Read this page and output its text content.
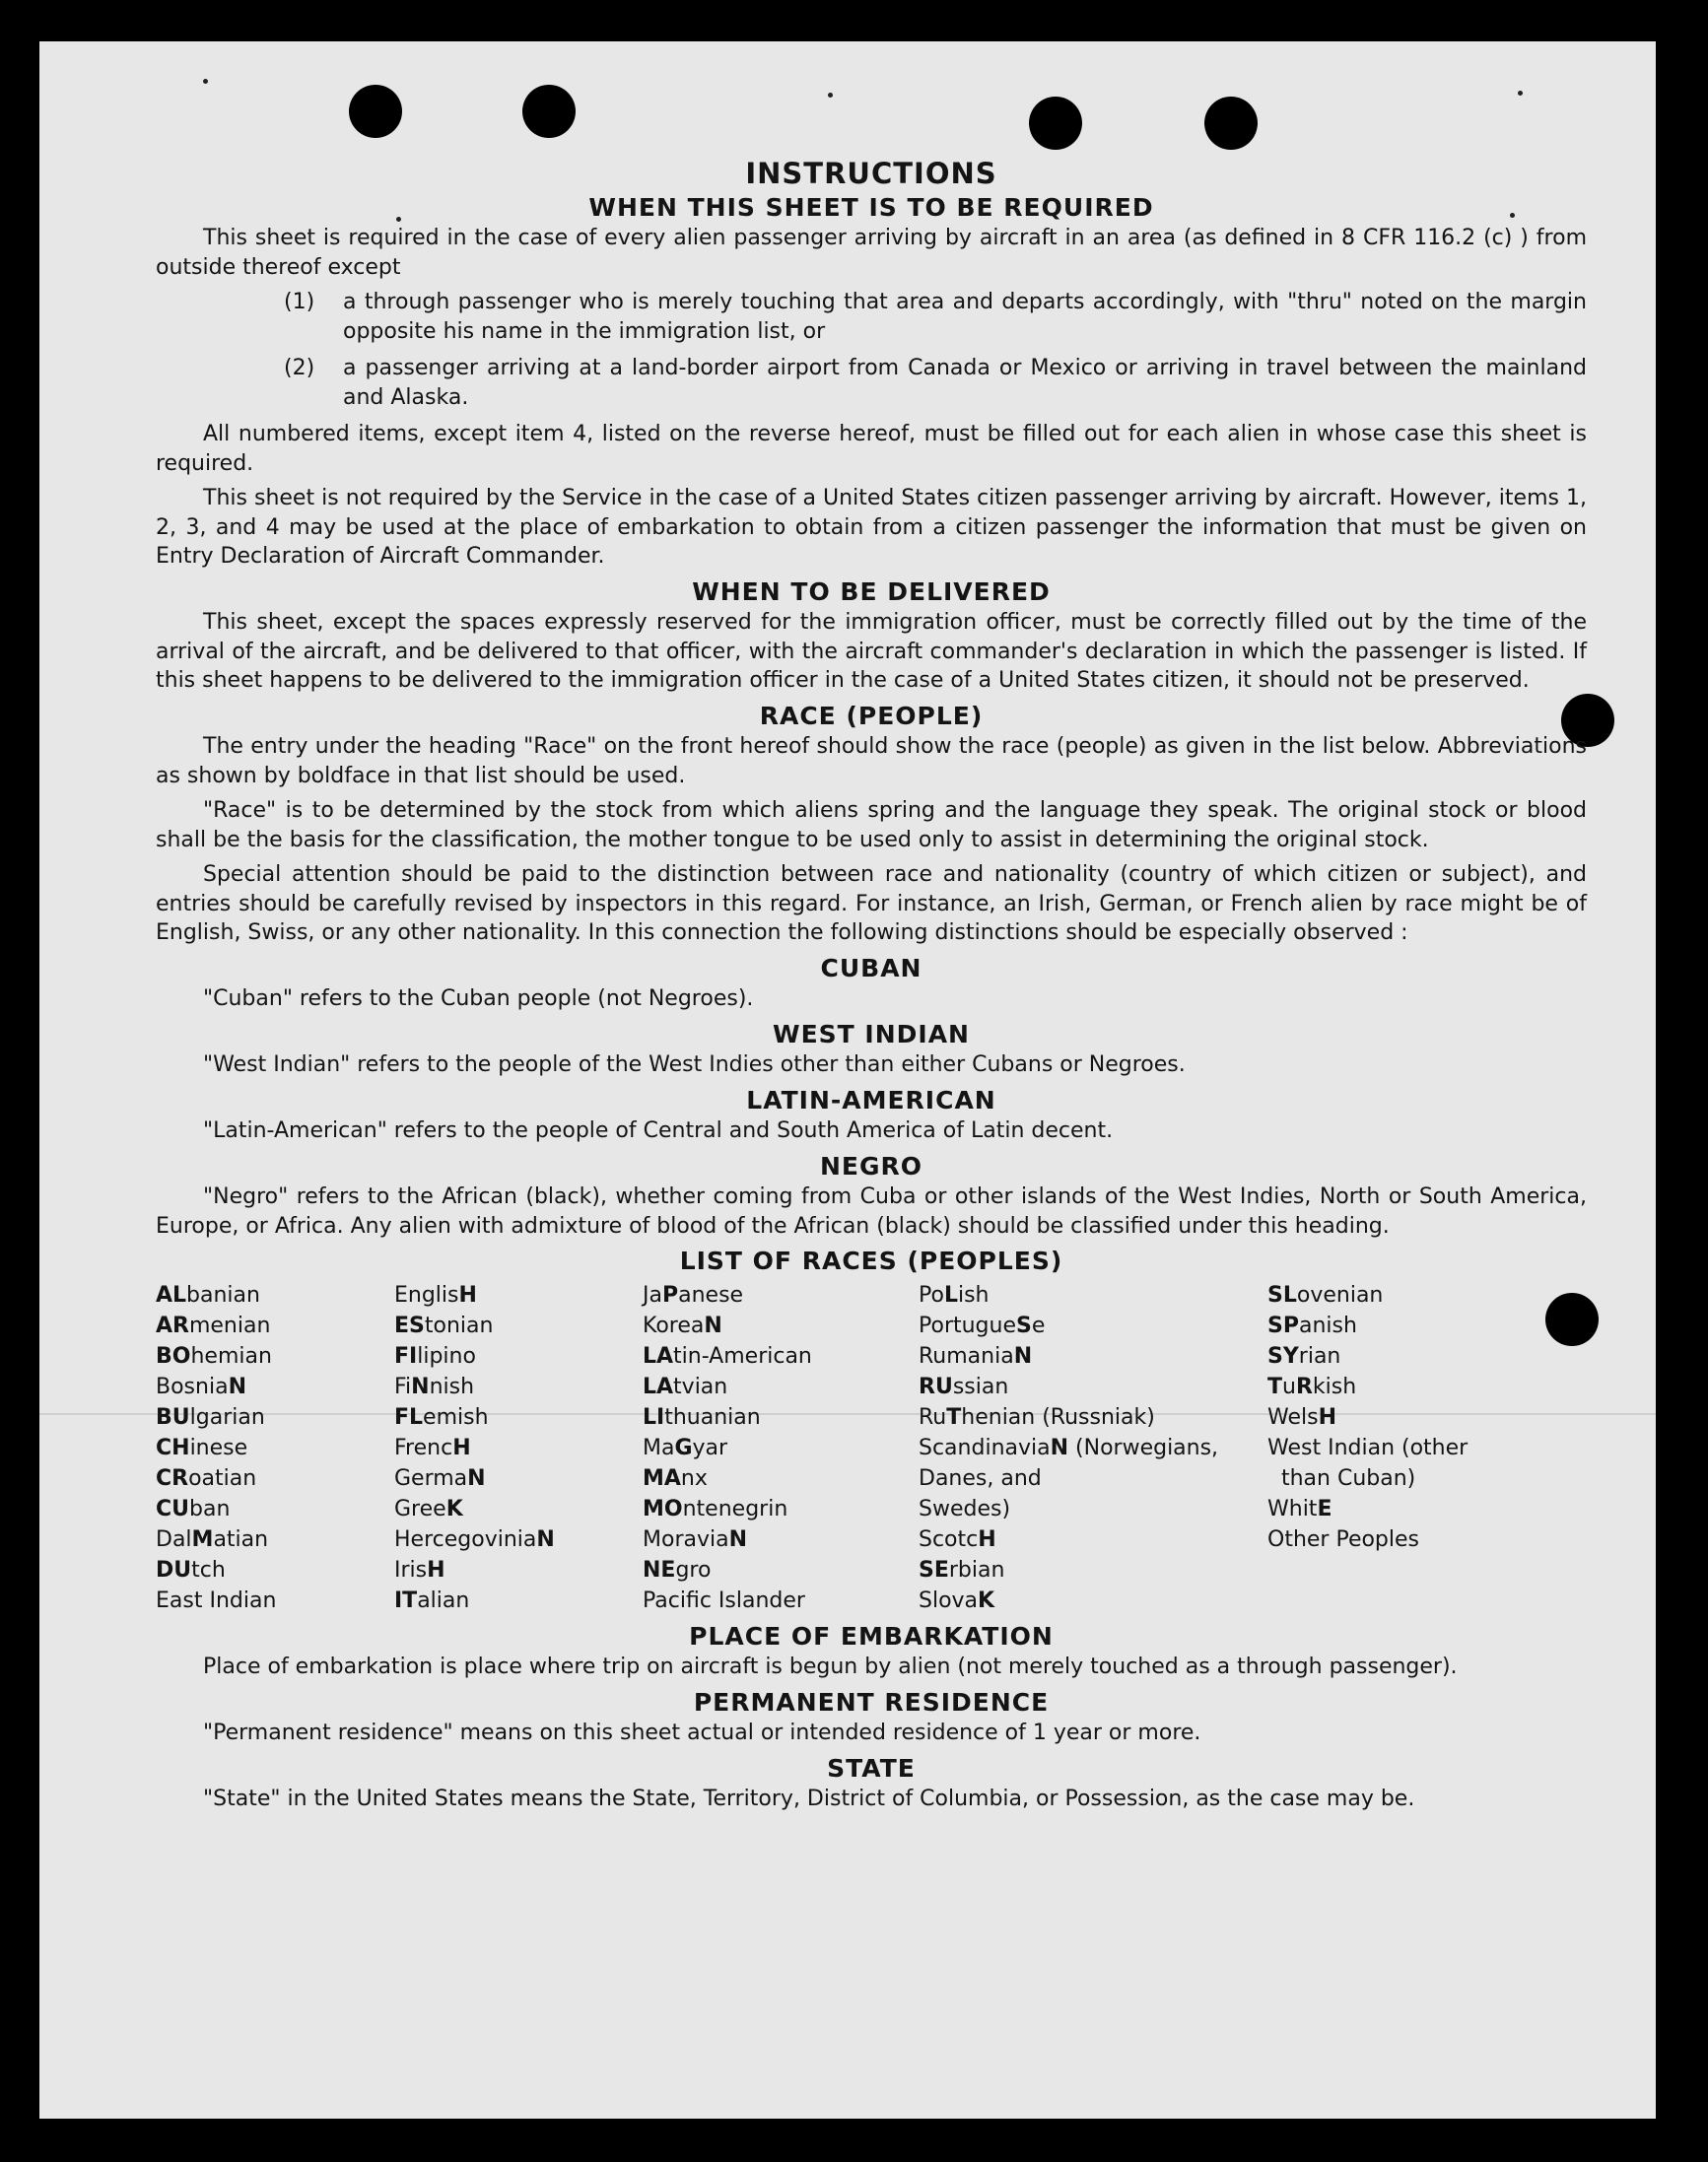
INSTRUCTIONS
WHEN THIS SHEET IS TO BE REQUIRED
This sheet is required in the case of every alien passenger arriving by aircraft in an area (as defined in 8 CFR 116.2 (c) ) from outside thereof except
(1)	a through passenger who is merely touching that area and departs accordingly, with "thru" noted on the margin opposite his name in the immigration list, or
(2)	a passenger arriving at a land-border airport from Canada or Mexico or arriving in travel between the mainland and Alaska.
All numbered items, except item 4, listed on the reverse hereof, must be filled out for each alien in whose case this sheet is required.
This sheet is not required by the Service in the case of a United States citizen passenger arriving by aircraft. However, items 1, 2, 3, and 4 may be used at the place of embarkation to obtain from a citizen passenger the information that must be given on Entry Declaration of Aircraft Commander.
WHEN TO BE DELIVERED
This sheet, except the spaces expressly reserved for the immigration officer, must be correctly filled out by the time of the arrival of the aircraft, and be delivered to that officer, with the aircraft commander's declaration in which the passenger is listed. If this sheet happens to be delivered to the immigration officer in the case of a United States citizen, it should not be preserved.
RACE (PEOPLE)
The entry under the heading "Race" on the front hereof should show the race (people) as given in the list below. Abbreviations as shown by boldface in that list should be used.
"Race" is to be determined by the stock from which aliens spring and the language they speak. The original stock or blood shall be the basis for the classification, the mother tongue to be used only to assist in determining the original stock.
Special attention should be paid to the distinction between race and nationality (country of which citizen or subject), and entries should be carefully revised by inspectors in this regard. For instance, an Irish, German, or French alien by race might be of English, Swiss, or any other nationality. In this connection the following distinctions should be especially observed :
CUBAN
"Cuban" refers to the Cuban people (not Negroes).
WEST INDIAN
"West Indian" refers to the people of the West Indies other than either Cubans or Negroes.
LATIN-AMERICAN
"Latin-American" refers to the people of Central and South America of Latin decent.
NEGRO
"Negro" refers to the African (black), whether coming from Cuba or other islands of the West Indies, North or South America, Europe, or Africa. Any alien with admixture of blood of the African (black) should be classified under this heading.
LIST OF RACES (PEOPLES)
ALbanian
ARmenian
BOhemian
BosniaN
BUlgarian
CHinese
CRoatian
CUban
DalMatian
DUtch
East Indian
EnglisH
EStonian
FIlipino
FiNnish
FLemish
FrencH
GermaN
GreeK
HercegoviniaN
IrisH
ITalian
JaPanese
KoreaN
LAtin-American
LAtvian
LIthuanian
MaGyar
MAnx
MOntenegrin
MoraviaN
NEgro
Pacific Islander
PoLish
PortugueSe
RumaniaN
RUssian
RuThenian (Russniak)
ScandinaviaN (Norwegians,
Danes, and
Swedes)
ScotcH
SErbian
SlovaK
SLovenian
SPanish
SYrian
TuRkish
WelsH
West Indian (other
than Cuban)
WhitE
Other Peoples
PLACE OF EMBARKATION
Place of embarkation is place where trip on aircraft is begun by alien (not merely touched as a through passenger).
PERMANENT RESIDENCE
"Permanent residence" means on this sheet actual or intended residence of 1 year or more.
STATE
"State" in the United States means the State, Territory, District of Columbia, or Possession, as the case may be.
